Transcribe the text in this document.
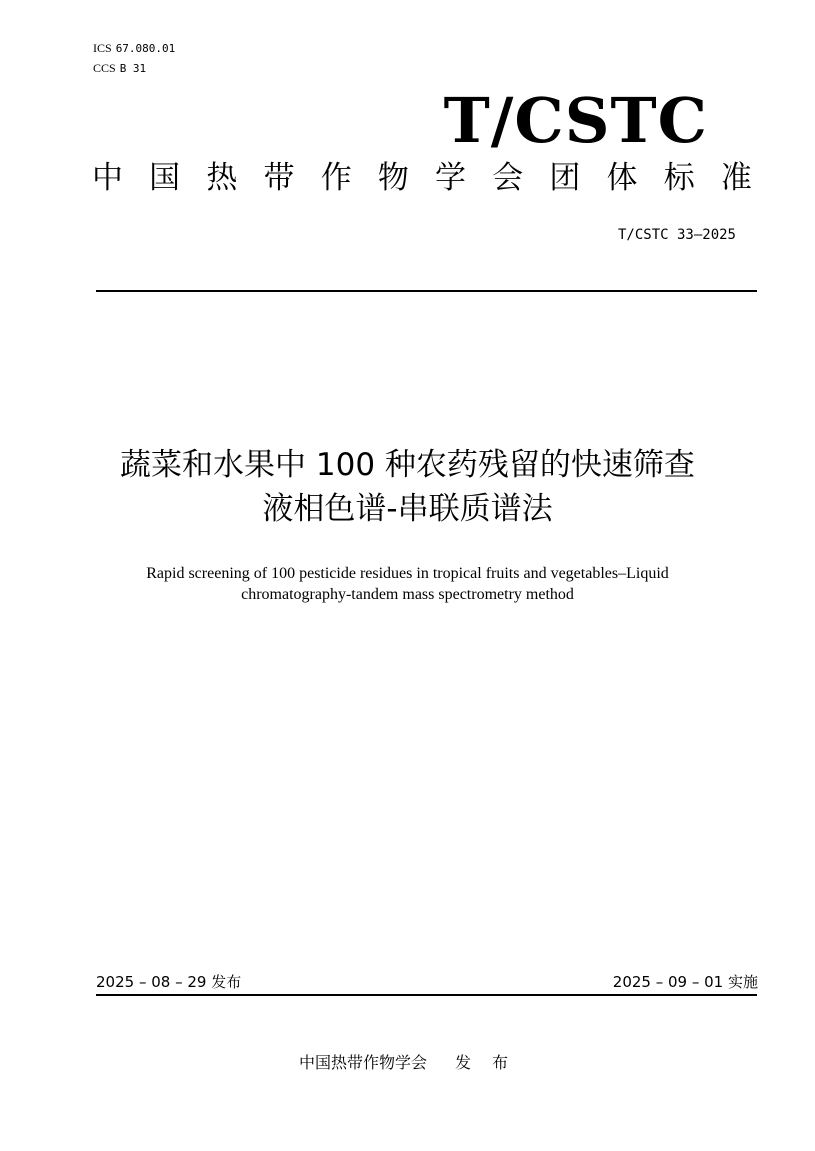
ICS 67.080.01
CCS B 31
T/CSTC
中 国 热 带 作 物 学 会 团 体 标 准
T/CSTC 33—2025
蔬菜和水果中 100 种农药残留的快速筛查
液相色谱-串联质谱法
Rapid screening of 100 pesticide residues in tropical fruits and vegetables–Liquid
chromatography-tandem mass spectrometry method
2025 – 08 – 29 发布	2025 – 09 – 01 实施
中国热带作物学会 发 布
